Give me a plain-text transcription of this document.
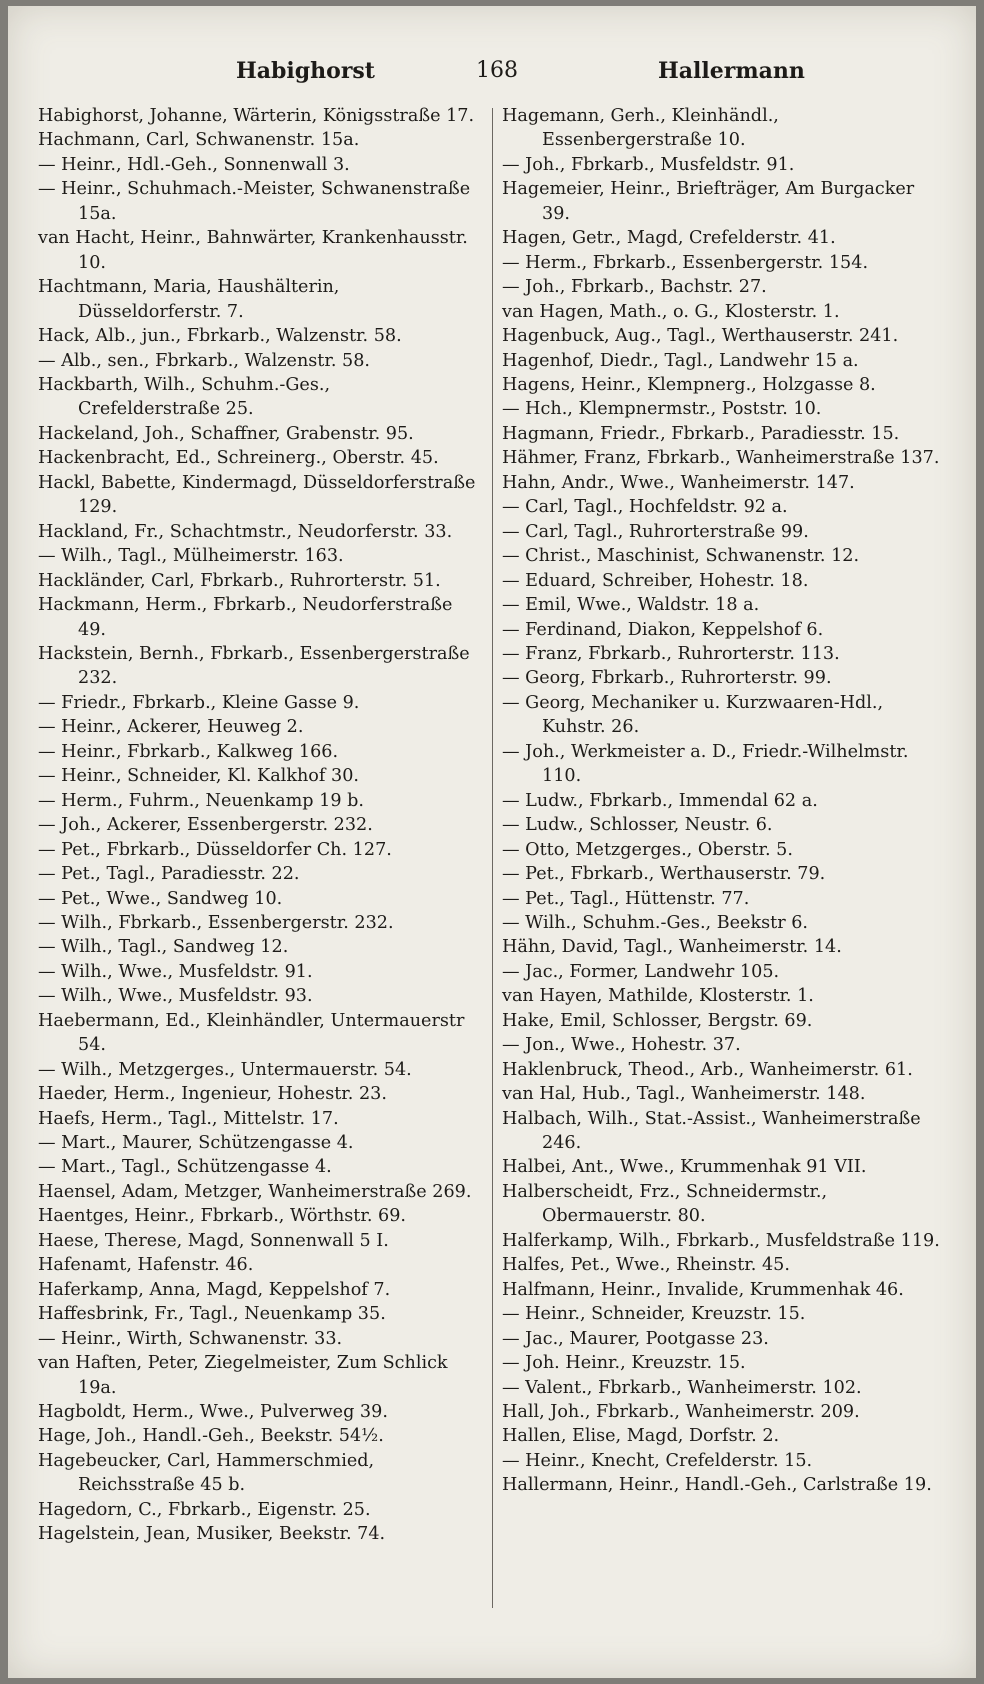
Habighorst	168	Hallermann
Habighorst, Johanne, Wärterin, Königsstraße 17.
Hachmann, Carl, Schwanenstr. 15a.
— Heinr., Hdl.-Geh., Sonnenwall 3.
— Heinr., Schuhmach.-Meister, Schwanenstraße 15a.
van Hacht, Heinr., Bahnwärter, Krankenhausstr. 10.
Hachtmann, Maria, Haushälterin, Düsseldorferstr. 7.
Hack, Alb., jun., Fbrkarb., Walzenstr. 58.
— Alb., sen., Fbrkarb., Walzenstr. 58.
Hackbarth, Wilh., Schuhm.-Ges., Crefelderstraße 25.
Hackeland, Joh., Schaffner, Grabenstr. 95.
Hackenbracht, Ed., Schreinerg., Oberstr. 45.
Hackl, Babette, Kindermagd, Düsseldorferstraße 129.
Hackland, Fr., Schachtmstr., Neudorferstr. 33.
— Wilh., Tagl., Mülheimerstr. 163.
Hackländer, Carl, Fbrkarb., Ruhrorterstr. 51.
Hackmann, Herm., Fbrkarb., Neudorferstraße 49.
Hackstein, Bernh., Fbrkarb., Essenbergerstraße 232.
— Friedr., Fbrkarb., Kleine Gasse 9.
— Heinr., Ackerer, Heuweg 2.
— Heinr., Fbrkarb., Kalkweg 166.
— Heinr., Schneider, Kl. Kalkhof 30.
— Herm., Fuhrm., Neuenkamp 19 b.
— Joh., Ackerer, Essenbergerstr. 232.
— Pet., Fbrkarb., Düsseldorfer Ch. 127.
— Pet., Tagl., Paradiesstr. 22.
— Pet., Wwe., Sandweg 10.
— Wilh., Fbrkarb., Essenbergerstr. 232.
— Wilh., Tagl., Sandweg 12.
— Wilh., Wwe., Musfeldstr. 91.
— Wilh., Wwe., Musfeldstr. 93.
Haebermann, Ed., Kleinhändler, Untermauerstr 54.
— Wilh., Metzgerges., Untermauerstr. 54.
Haeder, Herm., Ingenieur, Hohestr. 23.
Haefs, Herm., Tagl., Mittelstr. 17.
— Mart., Maurer, Schützengasse 4.
— Mart., Tagl., Schützengasse 4.
Haensel, Adam, Metzger, Wanheimerstraße 269.
Haentges, Heinr., Fbrkarb., Wörthstr. 69.
Haese, Therese, Magd, Sonnenwall 5 I.
Hafenamt, Hafenstr. 46.
Haferkamp, Anna, Magd, Keppelshof 7.
Haffesbrink, Fr., Tagl., Neuenkamp 35.
— Heinr., Wirth, Schwanenstr. 33.
van Haften, Peter, Ziegelmeister, Zum Schlick 19a.
Hagboldt, Herm., Wwe., Pulverweg 39.
Hage, Joh., Handl.-Geh., Beekstr. 54½.
Hagebeucker, Carl, Hammerschmied, Reichsstraße 45 b.
Hagedorn, C., Fbrkarb., Eigenstr. 25.
Hagelstein, Jean, Musiker, Beekstr. 74.
Hagemann, Gerh., Kleinhändl., Essenbergerstraße 10.
— Joh., Fbrkarb., Musfeldstr. 91.
Hagemeier, Heinr., Briefträger, Am Burgacker 39.
Hagen, Getr., Magd, Crefelderstr. 41.
— Herm., Fbrkarb., Essenbergerstr. 154.
— Joh., Fbrkarb., Bachstr. 27.
van Hagen, Math., o. G., Klosterstr. 1.
Hagenbuck, Aug., Tagl., Werthauserstr. 241.
Hagenhof, Diedr., Tagl., Landwehr 15 a.
Hagens, Heinr., Klempnerg., Holzgasse 8.
— Hch., Klempnermstr., Poststr. 10.
Hagmann, Friedr., Fbrkarb., Paradiesstr. 15.
Hähmer, Franz, Fbrkarb., Wanheimerstraße 137.
Hahn, Andr., Wwe., Wanheimerstr. 147.
— Carl, Tagl., Hochfeldstr. 92 a.
— Carl, Tagl., Ruhrorterstraße 99.
— Christ., Maschinist, Schwanenstr. 12.
— Eduard, Schreiber, Hohestr. 18.
— Emil, Wwe., Waldstr. 18 a.
— Ferdinand, Diakon, Keppelshof 6.
— Franz, Fbrkarb., Ruhrorterstr. 113.
— Georg, Fbrkarb., Ruhrorterstr. 99.
— Georg, Mechaniker u. Kurzwaaren-Hdl., Kuhstr. 26.
— Joh., Werkmeister a. D., Friedr.-Wilhelmstr. 110.
— Ludw., Fbrkarb., Immendal 62 a.
— Ludw., Schlosser, Neustr. 6.
— Otto, Metzgerges., Oberstr. 5.
— Pet., Fbrkarb., Werthauserstr. 79.
— Pet., Tagl., Hüttenstr. 77.
— Wilh., Schuhm.-Ges., Beekstr 6.
Hähn, David, Tagl., Wanheimerstr. 14.
— Jac., Former, Landwehr 105.
van Hayen, Mathilde, Klosterstr. 1.
Hake, Emil, Schlosser, Bergstr. 69.
— Jon., Wwe., Hohestr. 37.
Haklenbruck, Theod., Arb., Wanheimerstr. 61.
van Hal, Hub., Tagl., Wanheimerstr. 148.
Halbach, Wilh., Stat.-Assist., Wanheimerstraße 246.
Halbei, Ant., Wwe., Krummenhak 91 VII.
Halberscheidt, Frz., Schneidermstr., Obermauerstr. 80.
Halferkamp, Wilh., Fbrkarb., Musfeldstraße 119.
Halfes, Pet., Wwe., Rheinstr. 45.
Halfmann, Heinr., Invalide, Krummenhak 46.
— Heinr., Schneider, Kreuzstr. 15.
— Jac., Maurer, Pootgasse 23.
— Joh. Heinr., Kreuzstr. 15.
— Valent., Fbrkarb., Wanheimerstr. 102.
Hall, Joh., Fbrkarb., Wanheimerstr. 209.
Hallen, Elise, Magd, Dorfstr. 2.
— Heinr., Knecht, Crefelderstr. 15.
Hallermann, Heinr., Handl.-Geh., Carlstraße 19.
